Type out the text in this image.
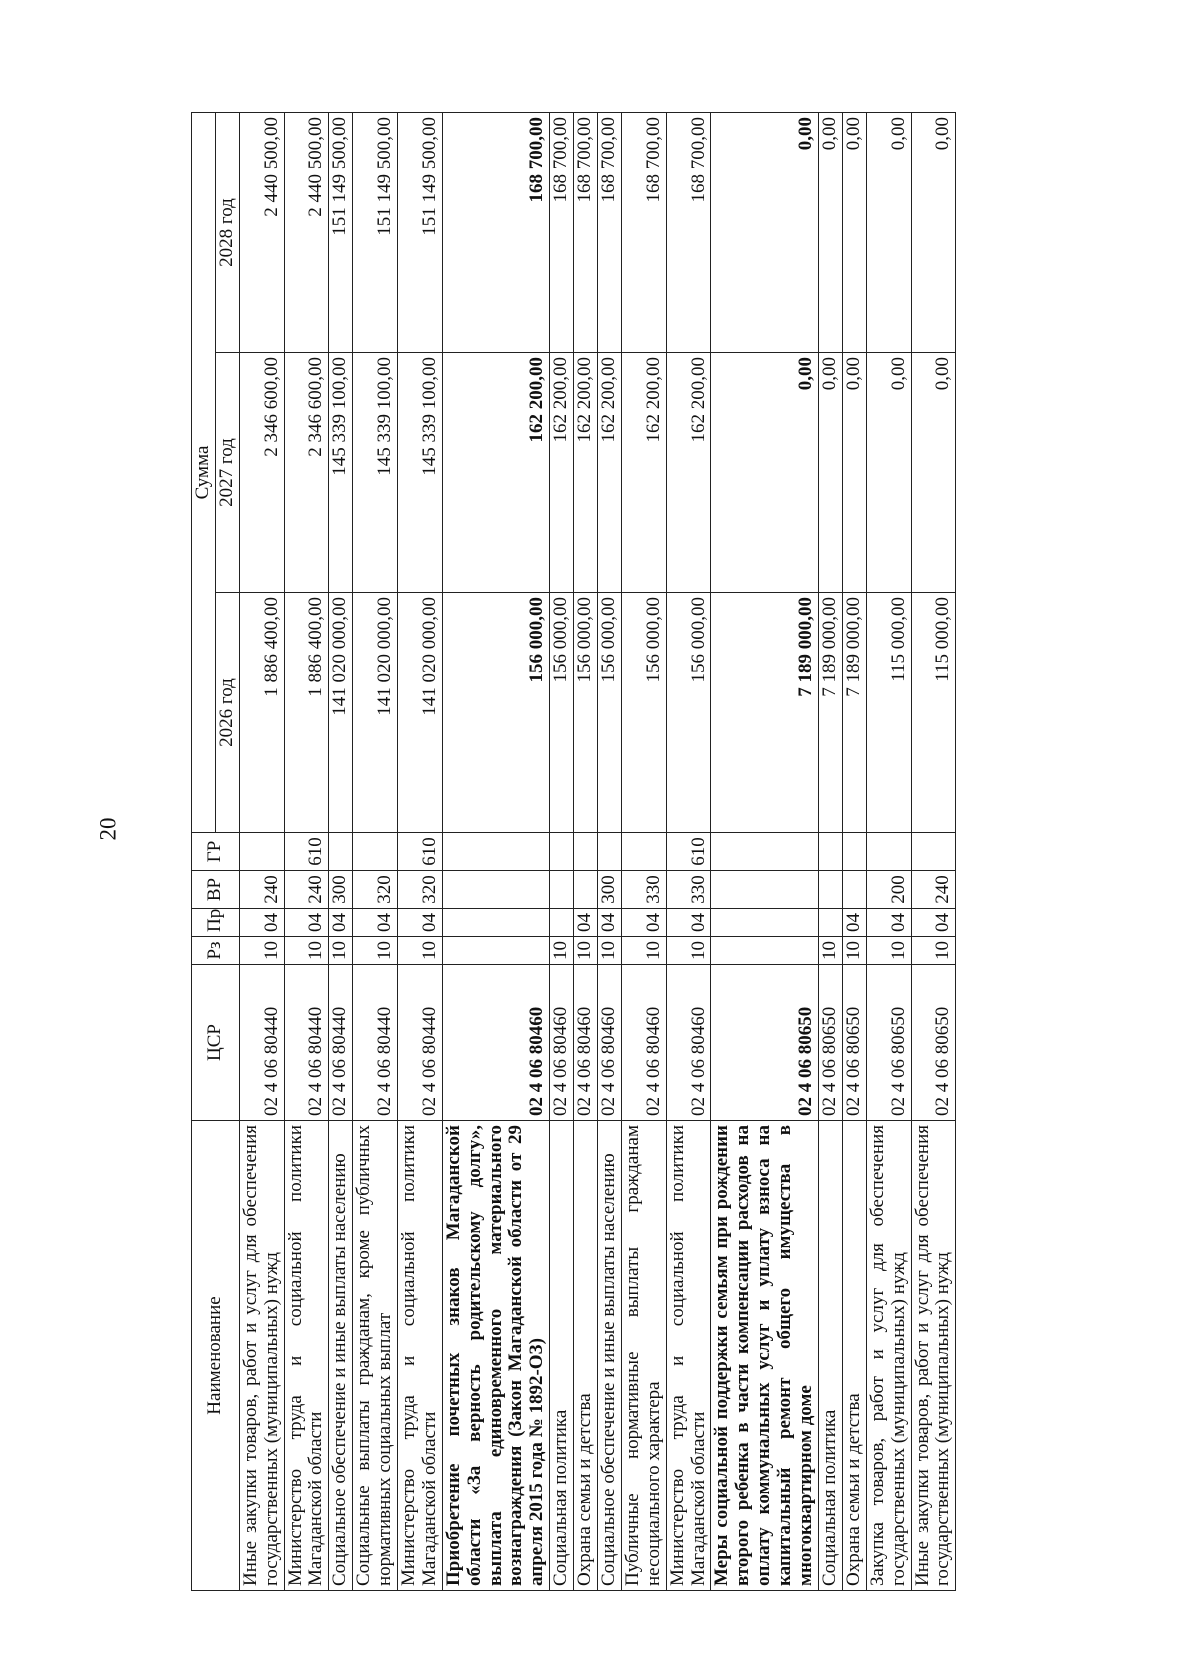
20
Наименование	ЦСР	Рз	Пр	ВР	ГР	Сумма		
						2026 год	2027 год	2028 год
Иные закупки товаров, работ и услуг для обеспечения государственных (муниципальных) нужд	02 4 06 80440	10	04	240		1 886 400,00	2 346 600,00	2 440 500,00
Министерство труда и социальной политики Магаданской области	02 4 06 80440	10	04	240	610	1 886 400,00	2 346 600,00	2 440 500,00
Социальное обеспечение и иные выплаты населению	02 4 06 80440	10	04	300		141 020 000,00	145 339 100,00	151 149 500,00
Социальные выплаты гражданам, кроме публичных нормативных социальных выплат	02 4 06 80440	10	04	320		141 020 000,00	145 339 100,00	151 149 500,00
Министерство труда и социальной политики Магаданской области	02 4 06 80440	10	04	320	610	141 020 000,00	145 339 100,00	151 149 500,00
Приобретение почетных знаков Магаданской области «За верность родительскому долгу», выплата единовременного материального вознаграждения (Закон Магаданской области от 29 апреля 2015 года № 1892-ОЗ)	02 4 06 80460					156 000,00	162 200,00	168 700,00
Социальная политика	02 4 06 80460	10				156 000,00	162 200,00	168 700,00
Охрана семьи и детства	02 4 06 80460	10	04			156 000,00	162 200,00	168 700,00
Социальное обеспечение и иные выплаты населению	02 4 06 80460	10	04	300		156 000,00	162 200,00	168 700,00
Публичные нормативные выплаты гражданам несоциального характера	02 4 06 80460	10	04	330		156 000,00	162 200,00	168 700,00
Министерство труда и социальной политики Магаданской области	02 4 06 80460	10	04	330	610	156 000,00	162 200,00	168 700,00
Меры социальной поддержки семьям при рождении второго ребенка в части компенсации расходов на оплату коммунальных услуг и уплату взноса на капитальный ремонт общего имущества в многоквартирном доме	02 4 06 80650					7 189 000,00	0,00	0,00
Социальная политика	02 4 06 80650	10				7 189 000,00	0,00	0,00
Охрана семьи и детства	02 4 06 80650	10	04			7 189 000,00	0,00	0,00
Закупка товаров, работ и услуг для обеспечения государственных (муниципальных) нужд	02 4 06 80650	10	04	200		115 000,00	0,00	0,00
Иные закупки товаров, работ и услуг для обеспечения государственных (муниципальных) нужд	02 4 06 80650	10	04	240		115 000,00	0,00	0,00
